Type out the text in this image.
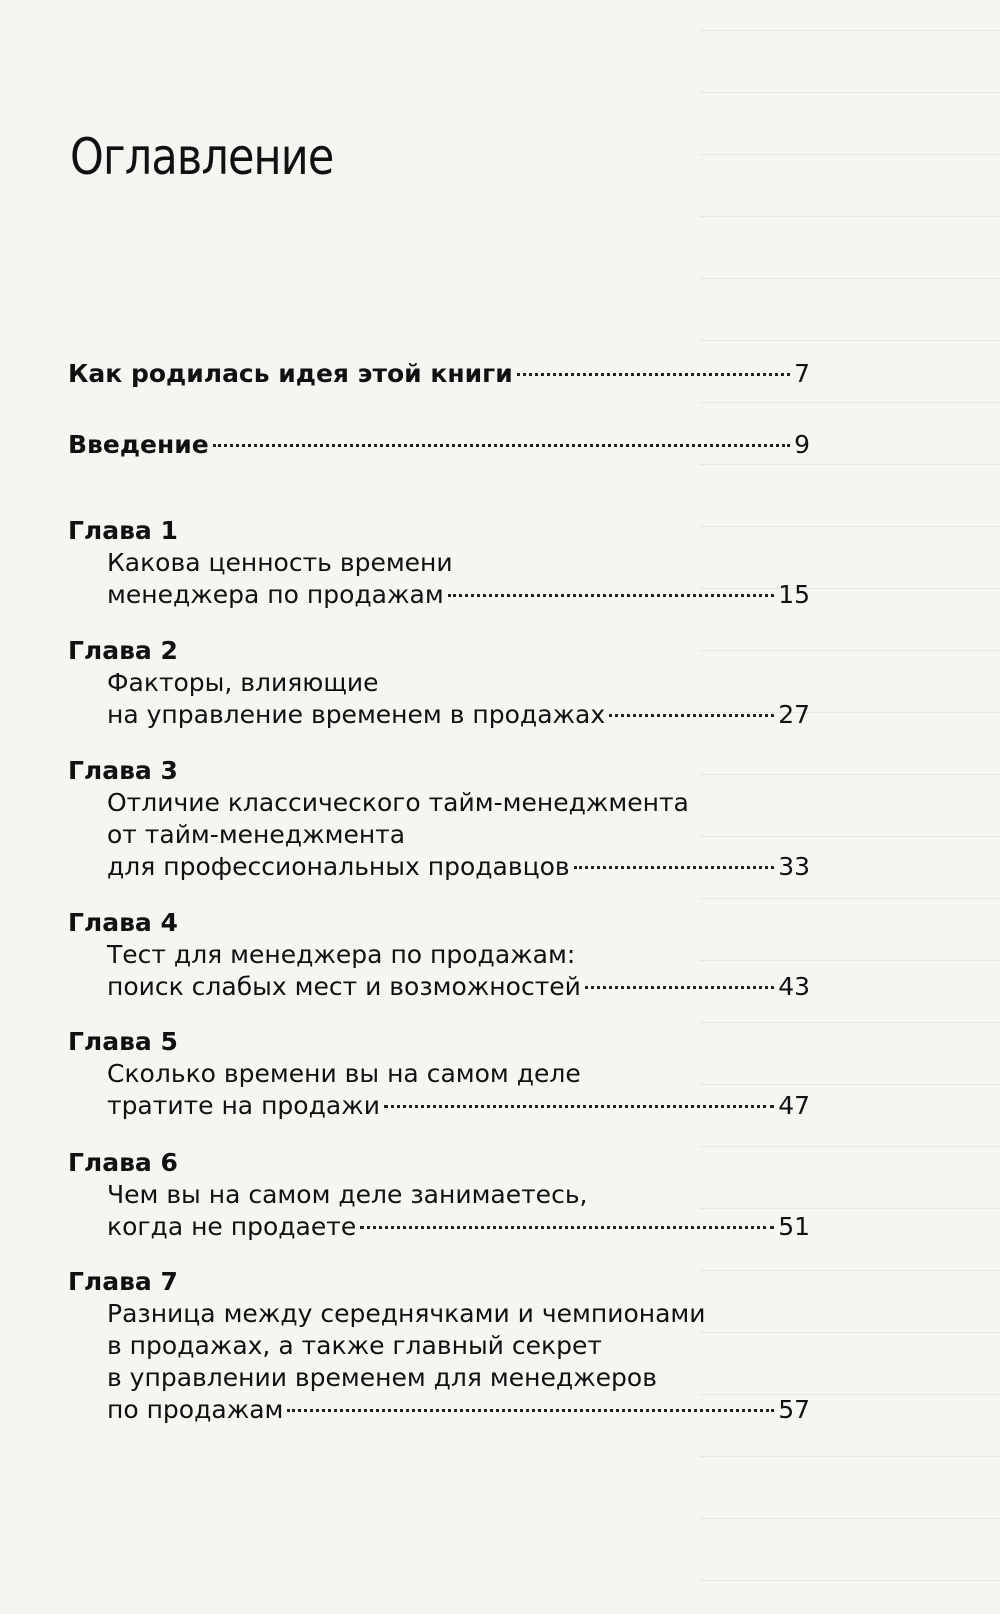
Оглавление
Как родилась идея этой книги	7
Введение	9
Глава 1
Какова ценность времени
менеджера по продажам	15
Глава 2
Факторы, влияющие
на управление временем в продажах	27
Глава 3
Отличие классического тайм-менеджмента
от тайм-менеджмента
для профессиональных продавцов	33
Глава 4
Тест для менеджера по продажам:
поиск слабых мест и возможностей	43
Глава 5
Сколько времени вы на самом деле
тратите на продажи	47
Глава 6
Чем вы на самом деле занимаетесь,
когда не продаете	51
Глава 7
Разница между середнячками и чемпионами
в продажах, а также главный секрет
в управлении временем для менеджеров
по продажам	57
